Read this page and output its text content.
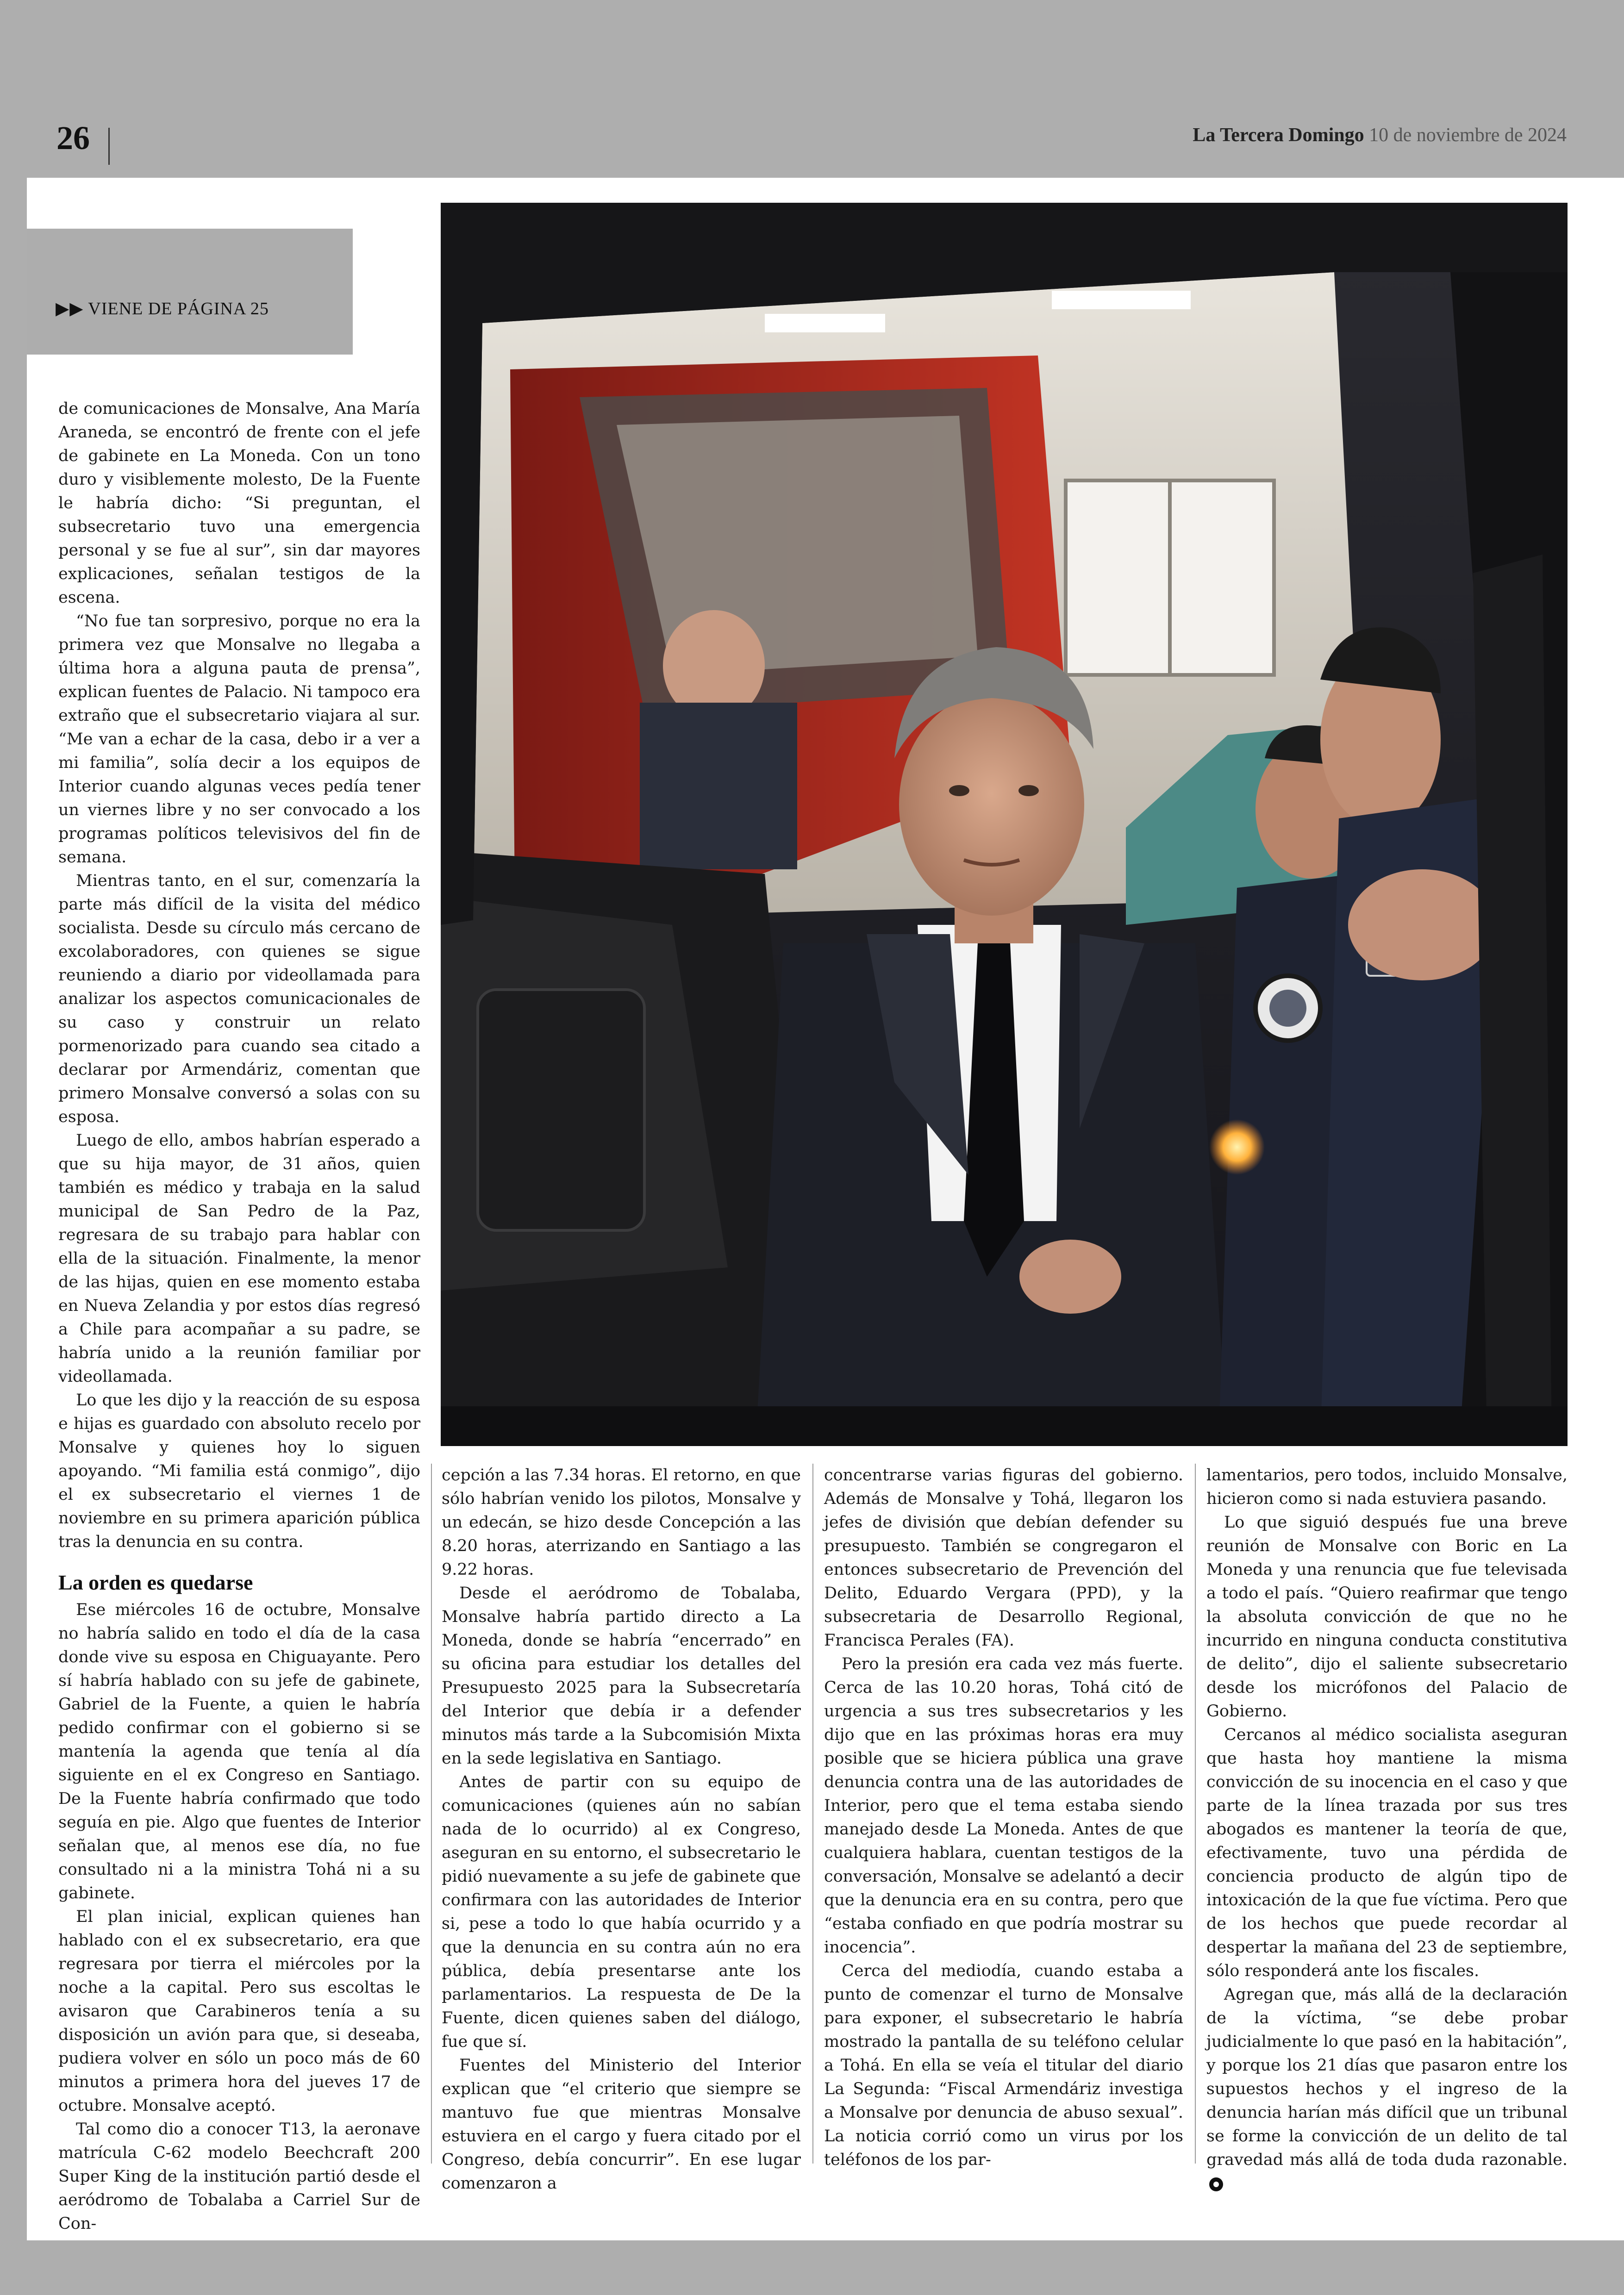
26	La Tercera Domingo 10 de noviembre de 2024
▶▶ VIENE DE PÁGINA 25

de comunicaciones de Monsalve, Ana María Araneda, se encontró de frente con el jefe de gabinete en La Moneda. Con un tono duro y visiblemente molesto, De la Fuente le habría dicho: “Si preguntan, el subsecretario tuvo una emergencia personal y se fue al sur”, sin dar mayores explicaciones, señalan testigos de la escena.

“No fue tan sorpresivo, porque no era la primera vez que Monsalve no llegaba a última hora a alguna pauta de prensa”, explican fuentes de Palacio. Ni tampoco era extraño que el subsecretario viajara al sur. “Me van a echar de la casa, debo ir a ver a mi familia”, solía decir a los equipos de Interior cuando algunas veces pedía tener un viernes libre y no ser convocado a los programas políticos televisivos del fin de semana.

Mientras tanto, en el sur, comenzaría la parte más difícil de la visita del médico socialista. Desde su círculo más cercano de excolaboradores, con quienes se sigue reuniendo a diario por videollamada para analizar los aspectos comunicacionales de su caso y construir un relato pormenorizado para cuando sea citado a declarar por Armendáriz, comentan que primero Monsalve conversó a solas con su esposa.

Luego de ello, ambos habrían esperado a que su hija mayor, de 31 años, quien también es médico y trabaja en la salud municipal de San Pedro de la Paz, regresara de su trabajo para hablar con ella de la situación. Finalmente, la menor de las hijas, quien en ese momento estaba en Nueva Zelandia y por estos días regresó a Chile para acompañar a su padre, se habría unido a la reunión familiar por videollamada.

Lo que les dijo y la reacción de su esposa e hijas es guardado con absoluto recelo por Monsalve y quienes hoy lo siguen apoyando. “Mi familia está conmigo”, dijo el ex subsecretario el viernes 1 de noviembre en su primera aparición pública tras la denuncia en su contra.

La orden es quedarse

Ese miércoles 16 de octubre, Monsalve no habría salido en todo el día de la casa donde vive su esposa en Chiguayante. Pero sí habría hablado con su jefe de gabinete, Gabriel de la Fuente, a quien le habría pedido confirmar con el gobierno si se mantenía la agenda que tenía al día siguiente en el ex Congreso en Santiago. De la Fuente habría confirmado que todo seguía en pie. Algo que fuentes de Interior señalan que, al menos ese día, no fue consultado ni a la ministra Tohá ni a su gabinete.

El plan inicial, explican quienes han hablado con el ex subsecretario, era que regresara por tierra el miércoles por la noche a la capital. Pero sus escoltas le avisaron que Carabineros tenía a su disposición un avión para que, si deseaba, pudiera volver en sólo un poco más de 60 minutos a primera hora del jueves 17 de octubre. Monsalve aceptó.

Tal como dio a conocer T13, la aeronave matrícula C-62 modelo Beechcraft 200 Super King de la institución partió desde el aeródromo de Tobalaba a Carriel Sur de Con-

cepción a las 7.34 horas. El retorno, en que sólo habrían venido los pilotos, Monsalve y un edecán, se hizo desde Concepción a las 8.20 horas, aterrizando en Santiago a las 9.22 horas.

Desde el aeródromo de Tobalaba, Monsalve habría partido directo a La Moneda, donde se habría “encerrado” en su oficina para estudiar los detalles del Presupuesto 2025 para la Subsecretaría del Interior que debía ir a defender minutos más tarde a la Subcomisión Mixta en la sede legislativa en Santiago.

Antes de partir con su equipo de comunicaciones (quienes aún no sabían nada de lo ocurrido) al ex Congreso, aseguran en su entorno, el subsecretario le pidió nuevamente a su jefe de gabinete que confirmara con las autoridades de Interior si, pese a todo lo que había ocurrido y a que la denuncia en su contra aún no era pública, debía presentarse ante los parlamentarios. La respuesta de De la Fuente, dicen quienes saben del diálogo, fue que sí.

Fuentes del Ministerio del Interior explican que “el criterio que siempre se mantuvo fue que mientras Monsalve estuviera en el cargo y fuera citado por el Congreso, debía concurrir”. En ese lugar comenzaron a

concentrarse varias figuras del gobierno. Además de Monsalve y Tohá, llegaron los jefes de división que debían defender su presupuesto. También se congregaron el entonces subsecretario de Prevención del Delito, Eduardo Vergara (PPD), y la subsecretaria de Desarrollo Regional, Francisca Perales (FA).

Pero la presión era cada vez más fuerte. Cerca de las 10.20 horas, Tohá citó de urgencia a sus tres subsecretarios y les dijo que en las próximas horas era muy posible que se hiciera pública una grave denuncia contra una de las autoridades de Interior, pero que el tema estaba siendo manejado desde La Moneda. Antes de que cualquiera hablara, cuentan testigos de la conversación, Monsalve se adelantó a decir que la denuncia era en su contra, pero que “estaba confiado en que podría mostrar su inocencia”.

Cerca del mediodía, cuando estaba a punto de comenzar el turno de Monsalve para exponer, el subsecretario le habría mostrado la pantalla de su teléfono celular a Tohá. En ella se veía el titular del diario La Segunda: “Fiscal Armendáriz investiga a Monsalve por denuncia de abuso sexual”. La noticia corrió como un virus por los teléfonos de los par-

lamentarios, pero todos, incluido Monsalve, hicieron como si nada estuviera pasando.

Lo que siguió después fue una breve reunión de Monsalve con Boric en La Moneda y una renuncia que fue televisada a todo el país. “Quiero reafirmar que tengo la absoluta convicción de que no he incurrido en ninguna conducta constitutiva de delito”, dijo el saliente subsecretario desde los micrófonos del Palacio de Gobierno.

Cercanos al médico socialista aseguran que hasta hoy mantiene la misma convicción de su inocencia en el caso y que parte de la línea trazada por sus tres abogados es mantener la teoría de que, efectivamente, tuvo una pérdida de conciencia producto de algún tipo de intoxicación de la que fue víctima. Pero que de los hechos que puede recordar al despertar la mañana del 23 de septiembre, sólo responderá ante los fiscales.

Agregan que, más allá de la declaración de la víctima, “se debe probar judicialmente lo que pasó en la habitación”, y porque los 21 días que pasaron entre los supuestos hechos y el ingreso de la denuncia harían más difícil que un tribunal se forme la convicción de un delito de tal gravedad más allá de toda duda razonable.
